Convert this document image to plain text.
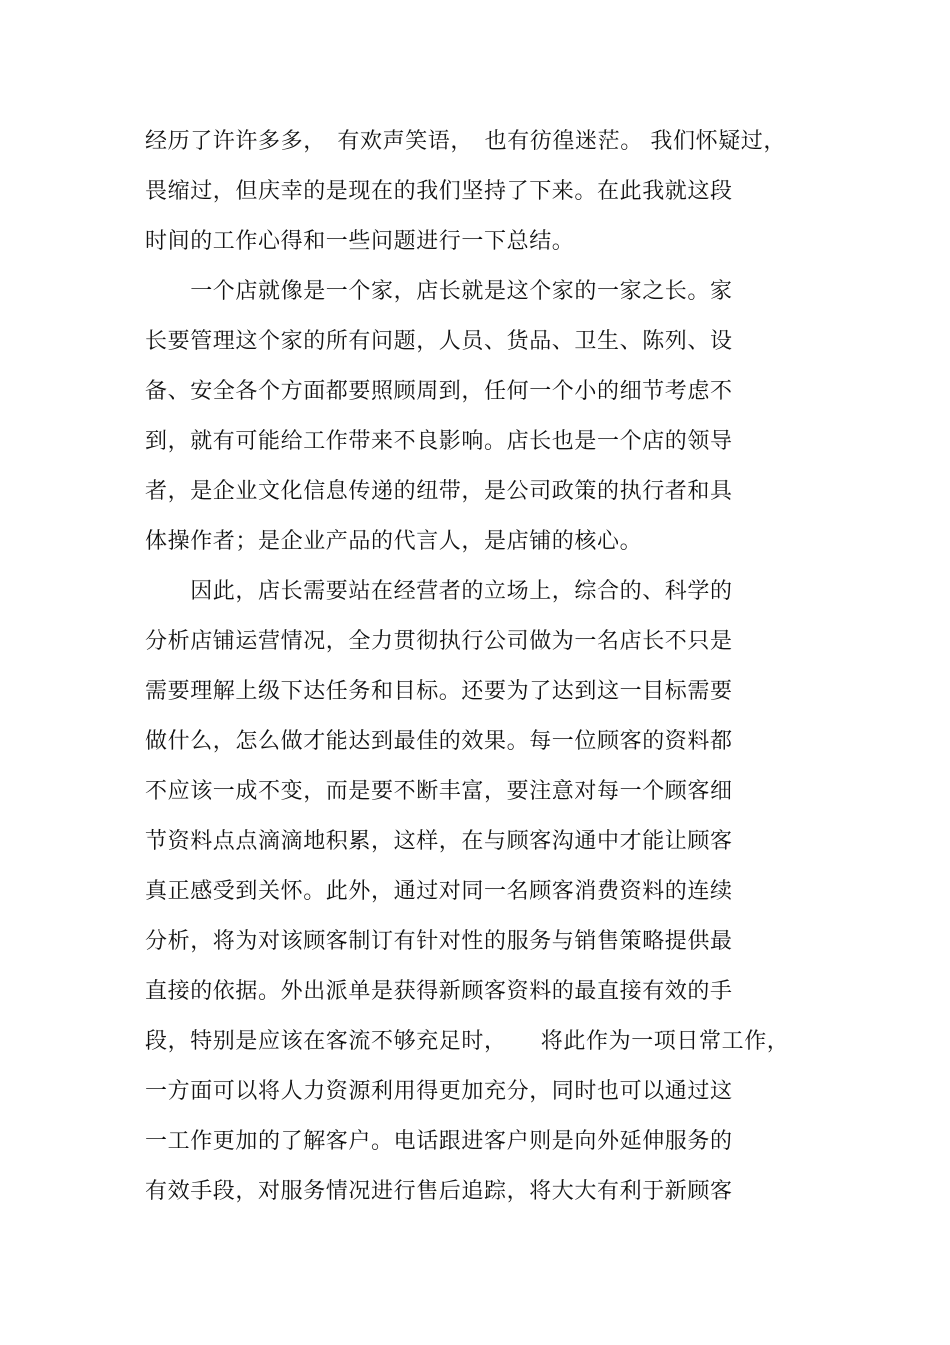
经历了许许多多，　有欢声笑语，　也有彷徨迷茫。 我们怀疑过，
畏缩过，但庆幸的是现在的我们坚持了下来。在此我就这段
时间的工作心得和一些问题进行一下总结。
　　一个店就像是一个家，店长就是这个家的一家之长。家
长要管理这个家的所有问题，人员、货品、卫生、陈列、设
备、安全各个方面都要照顾周到，任何一个小的细节考虑不
到，就有可能给工作带来不良影响。店长也是一个店的领导
者，是企业文化信息传递的纽带，是公司政策的执行者和具
体操作者；是企业产品的代言人，是店铺的核心。
　　因此，店长需要站在经营者的立场上，综合的、科学的
分析店铺运营情况，全力贯彻执行公司做为一名店长不只是
需要理解上级下达任务和目标。还要为了达到这一目标需要
做什么，怎么做才能达到最佳的效果。每一位顾客的资料都
不应该一成不变，而是要不断丰富，要注意对每一个顾客细
节资料点点滴滴地积累，这样，在与顾客沟通中才能让顾客
真正感受到关怀。此外，通过对同一名顾客消费资料的连续
分析，将为对该顾客制订有针对性的服务与销售策略提供最
直接的依据。外出派单是获得新顾客资料的最直接有效的手
段，特别是应该在客流不够充足时，　　将此作为一项日常工作，
一方面可以将人力资源利用得更加充分，同时也可以通过这
一工作更加的了解客户。电话跟进客户则是向外延伸服务的
有效手段，对服务情况进行售后追踪，将大大有利于新顾客
